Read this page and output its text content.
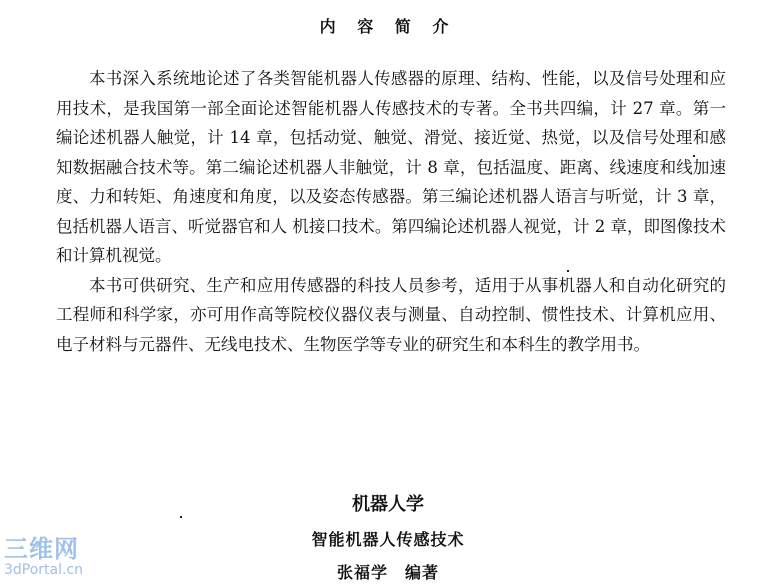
内 容 简 介

本书深入系统地论述了各类智能机器人传感器的原理、结构、性能，以及信号处理和应用技术，是我国第一部全面论述智能机器人传感技术的专著。全书共四编，计 27 章。第一编论述机器人触觉，计 14 章，包括动觉、触觉、滑觉、接近觉、热觉，以及信号处理和感知数据融合技术等。第二编论述机器人非触觉，计 8 章，包括温度、距离、线速度和线加速度、力和转矩、角速度和角度，以及姿态传感器。第三编论述机器人语言与听觉，计 3 章，包括机器人语言、听觉器官和人 机接口技术。第四编论述机器人视觉，计 2 章，即图像技术和计算机视觉。

本书可供研究、生产和应用传感器的科技人员参考，适用于从事机器人和自动化研究的工程师和科学家，亦可用作高等院校仪器仪表与测量、自动控制、惯性技术、计算机应用、电子材料与元器件、无线电技术、生物医学等专业的研究生和本科生的教学用书。

机器人学
智能机器人传感技术
张福学　编著
三维网
3dPortal.cn
